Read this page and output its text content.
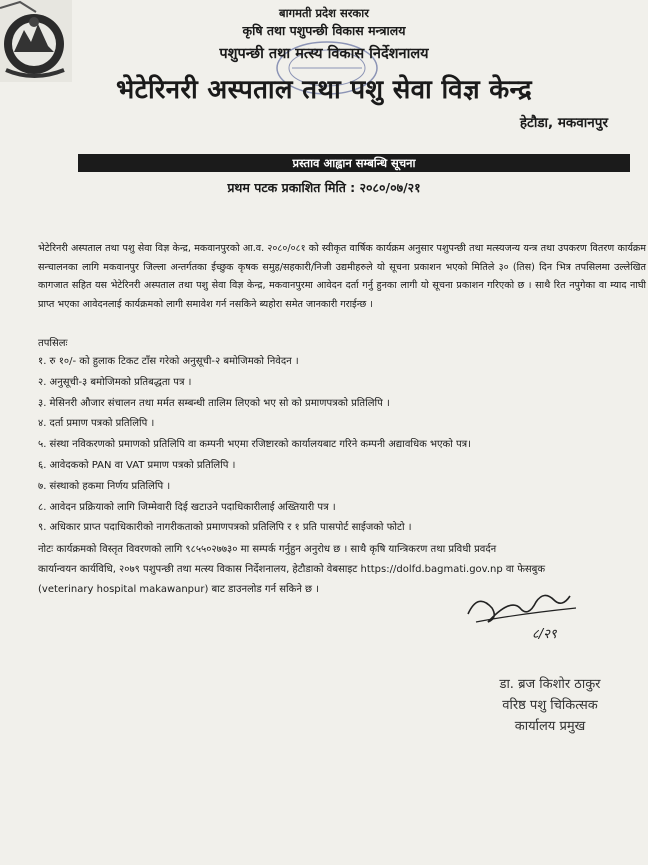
बागमती प्रदेश सरकार
कृषि तथा पशुपन्छी विकास मन्त्रालय
पशुपन्छी तथा मत्स्य विकास निर्देशनालय
भेटेरिनरी अस्पताल तथा पशु सेवा विज्ञ केन्द्र
हेटौडा, मकवानपुर
प्रस्ताव आह्वान सम्बन्धि सूचना
प्रथम पटक प्रकाशित मिति : २०८०/०७/२१
भेटेरिनरी अस्पताल तथा पशु सेवा विज्ञ केन्द्र, मकवानपुरको आ.व. २०८०/०८१ को स्वीकृत वार्षिक कार्यक्रम अनुसार पशुपन्छी तथा मत्स्यजन्य यन्त्र तथा उपकरण वितरण कार्यक्रम सन्चालनका लागि मकवानपुर जिल्ला अन्तर्गतका ईच्छुक कृषक समुह/सहकारी/निजी उद्यमीहरुले यो सूचना प्रकाशन भएको मितिले ३० (तिस) दिन भित्र तपसिलमा उल्लेखित कागजात सहित यस भेटेरिनरी अस्पताल तथा पशु सेवा विज्ञ केन्द्र, मकवानपुरमा आवेदन दर्ता गर्नु हुनका लागी यो सूचना प्रकाशन गरिएको छ । साथै रित नपुगेका वा म्याद नाघी प्राप्त भएका आवेदनलाई कार्यक्रमको लागी समावेश गर्न नसकिने ब्यहोरा समेत जानकारी गराईन्छ ।
तपसिलः
१. रु १०/- को हुलाक टिकट टाँस गरेको अनुसूची-२ बमोजिमको निवेदन ।
२. अनुसूची-३ बमोजिमको प्रतिबद्धता पत्र ।
३. मेसिनरी औजार संचालन तथा मर्मत सम्बन्धी तालिम लिएको भए सो को प्रमाणपत्रको प्रतिलिपि ।
४. दर्ता प्रमाण पत्रको प्रतिलिपि ।
५. संस्था नविकरणको प्रमाणको प्रतिलिपि वा कम्पनी भएमा रजिष्टारको कार्यालयबाट गरिने कम्पनी अद्यावधिक भएको पत्र।
६. आवेदकको PAN वा VAT प्रमाण पत्रको प्रतिलिपि ।
७. संस्थाको हकमा निर्णय प्रतिलिपि ।
८. आवेदन प्रक्रियाको लागि जिम्मेवारी दिई खटाउने पदाधिकारीलाई अख्तियारी पत्र ।
९. अधिकार प्राप्त पदाधिकारीको नागरीकताको प्रमाणपत्रको प्रतिलिपि र १ प्रति पासपोर्ट साईजको फोटो ।
नोटः कार्यक्रमको विस्तृत विवरणको लागि ९८५५०२७७३० मा सम्पर्क गर्नुहुन अनुरोध छ । साथै कृषि यान्त्रिकरण तथा प्रविधी प्रवर्दन
कार्यान्वयन कार्यविधि, २०७९ पशुपन्छी तथा मत्स्य विकास निर्देशनालय, हेटौडाको वेबसाइट https://dolfd.bagmati.gov.np वा फेसबुक
(veterinary hospital makawanpur) बाट डाउनलोड गर्न सकिने छ ।
८/२९
डा. ब्रज किशोर ठाकुर
वरिष्ठ पशु चिकित्सक
कार्यालय प्रमुख
